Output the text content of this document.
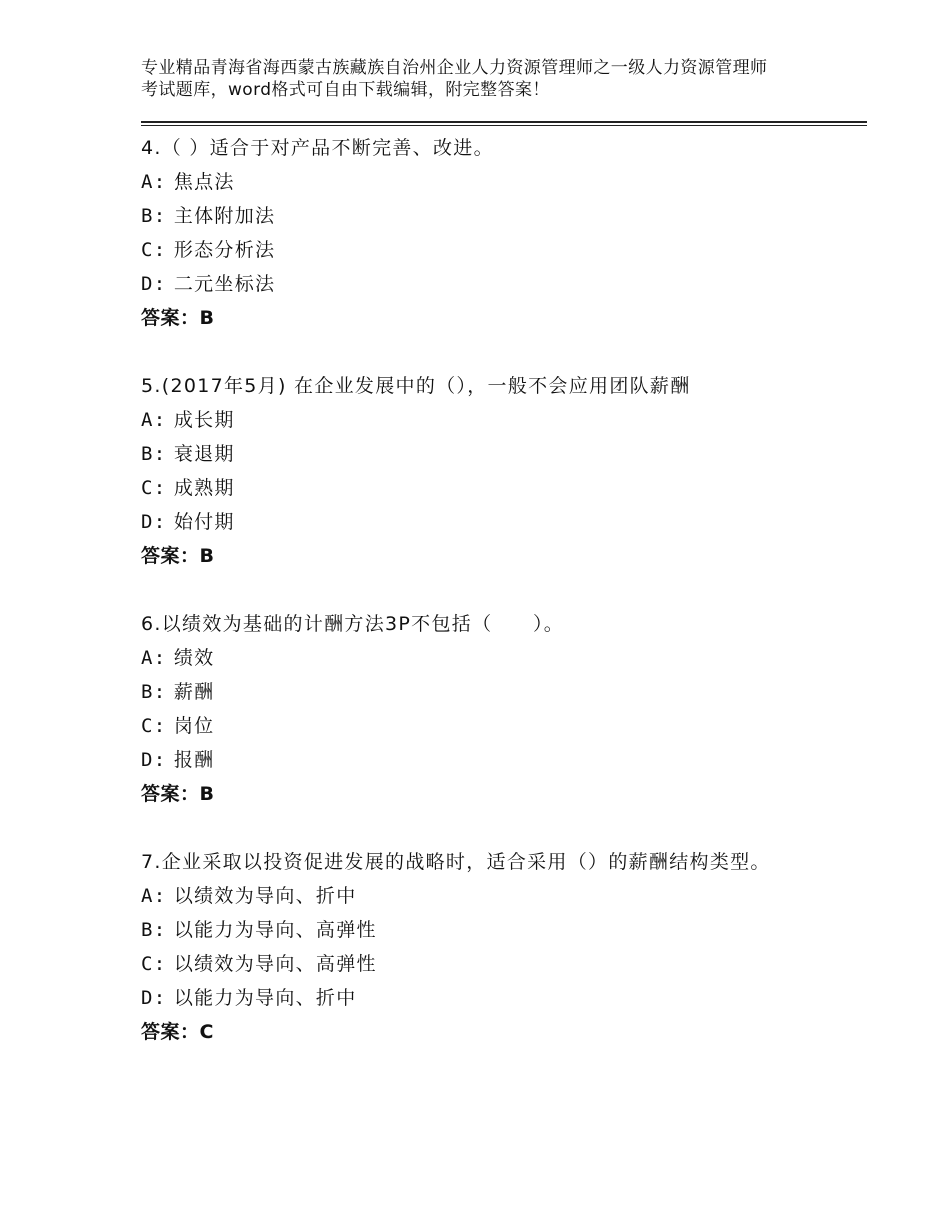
专业精品青海省海西蒙古族藏族自治州企业人力资源管理师之一级人力资源管理师
考试题库，word格式可自由下载编辑，附完整答案！
4.（ ）适合于对产品不断完善、改进。
A: 焦点法
B: 主体附加法
C: 形态分析法
D: 二元坐标法
答案：B
5.(2017年5月) 在企业发展中的（），一般不会应用团队薪酬
A: 成长期
B: 衰退期
C: 成熟期
D: 始付期
答案：B
6.以绩效为基础的计酬方法3P不包括（　　）。
A: 绩效
B: 薪酬
C: 岗位
D: 报酬
答案：B
7.企业采取以投资促进发展的战略时，适合采用（）的薪酬结构类型。
A: 以绩效为导向、折中
B: 以能力为导向、高弹性
C: 以绩效为导向、高弹性
D: 以能力为导向、折中
答案：C
